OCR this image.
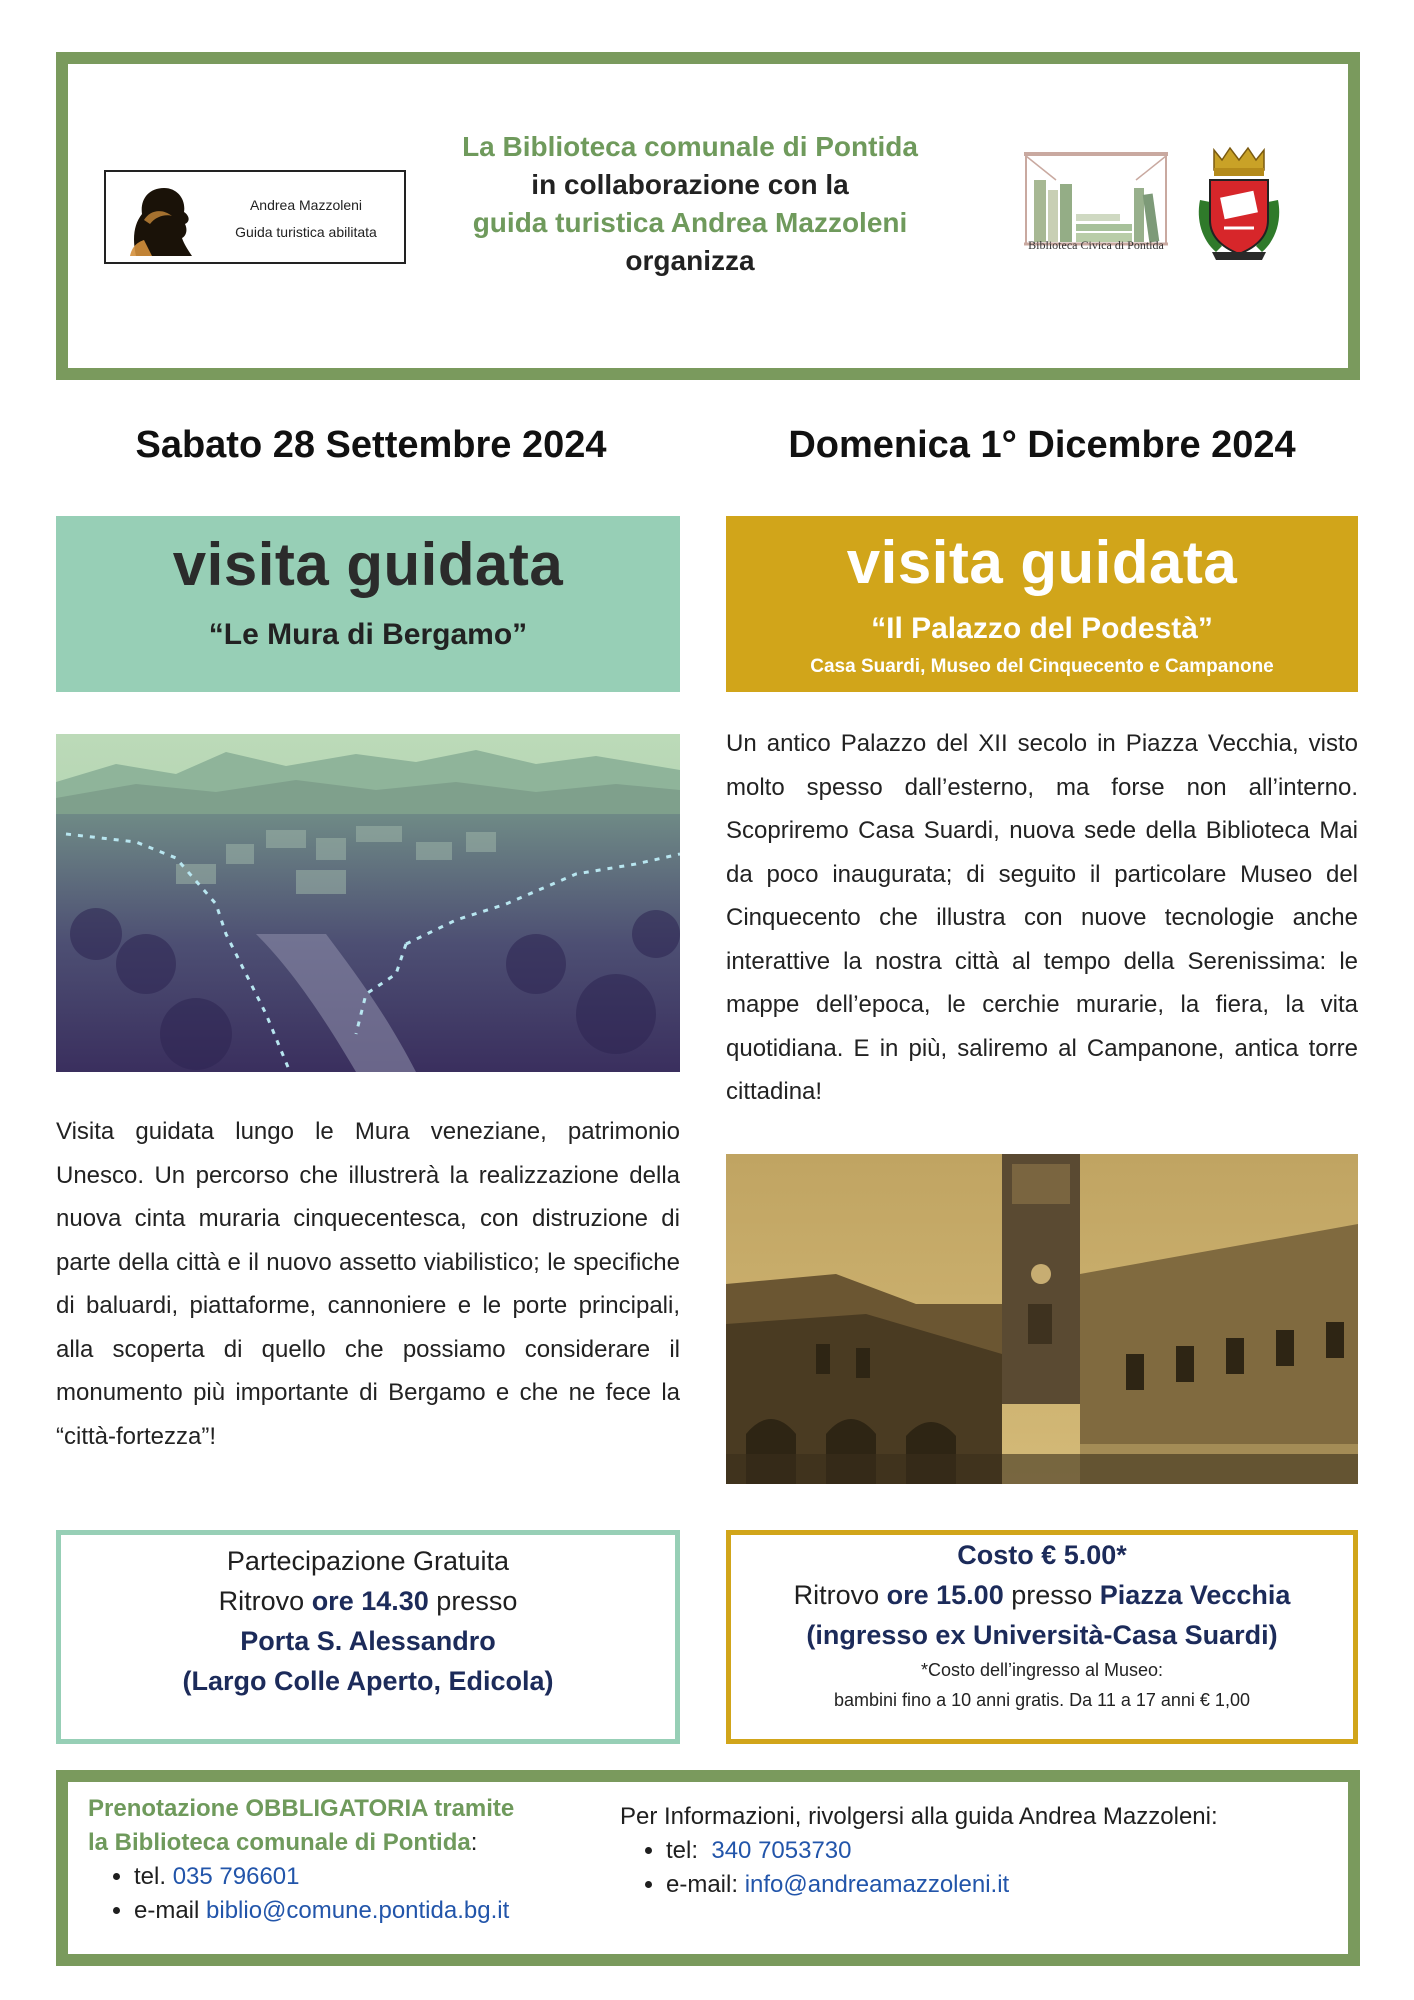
Andrea Mazzoleni
Guida turistica abilitata
La Biblioteca comunale di Pontida
in collaborazione con la
guida turistica Andrea Mazzoleni
organizza	Biblioteca Civica di Pontida
Sabato 28 Settembre 2024	Domenica 1° Dicembre 2024
visita guidata
“Le Mura di Bergamo”
visita guidata
“Il Palazzo del Podestà”
Casa Suardi, Museo del Cinquecento e Campanone
Visita guidata lungo le Mura veneziane, patrimonio Unesco. Un percorso che illustrerà la realizzazione della nuova cinta muraria cinquecentesca, con distruzione di parte della città e il nuovo assetto viabilistico; le specifiche di baluardi, piattaforme, cannoniere e le porte principali, alla scoperta di quello che possiamo considerare il monumento più importante di Bergamo e che ne fece la “città-fortezza”!
Un antico Palazzo del XII secolo in Piazza Vecchia, visto molto spesso dall’esterno, ma forse non all’interno. Scopriremo Casa Suardi, nuova sede della Biblioteca Mai da poco inaugurata; di seguito il particolare Museo del Cinquecento che illustra con nuove tecnologie anche interattive la nostra città al tempo della Serenissima: le mappe dell’epoca, le cerchie murarie, la fiera, la vita quotidiana. E in più, saliremo al Campanone, antica torre cittadina!
Partecipazione Gratuita
Ritrovo ore 14.30 presso
Porta S. Alessandro
(Largo Colle Aperto, Edicola)
Costo € 5.00*
Ritrovo ore 15.00 presso Piazza Vecchia
(ingresso ex Università-Casa Suardi)
*Costo dell’ingresso al Museo:
bambini fino a 10 anni gratis. Da 11 a 17 anni € 1,00
Prenotazione OBBLIGATORIA tramite
la Biblioteca comunale di Pontida:
• tel. 035 796601
• e-mail biblio@comune.pontida.bg.it
Per Informazioni, rivolgersi alla guida Andrea Mazzoleni:
• tel: 340 7053730
• e-mail: info@andreamazzoleni.it
